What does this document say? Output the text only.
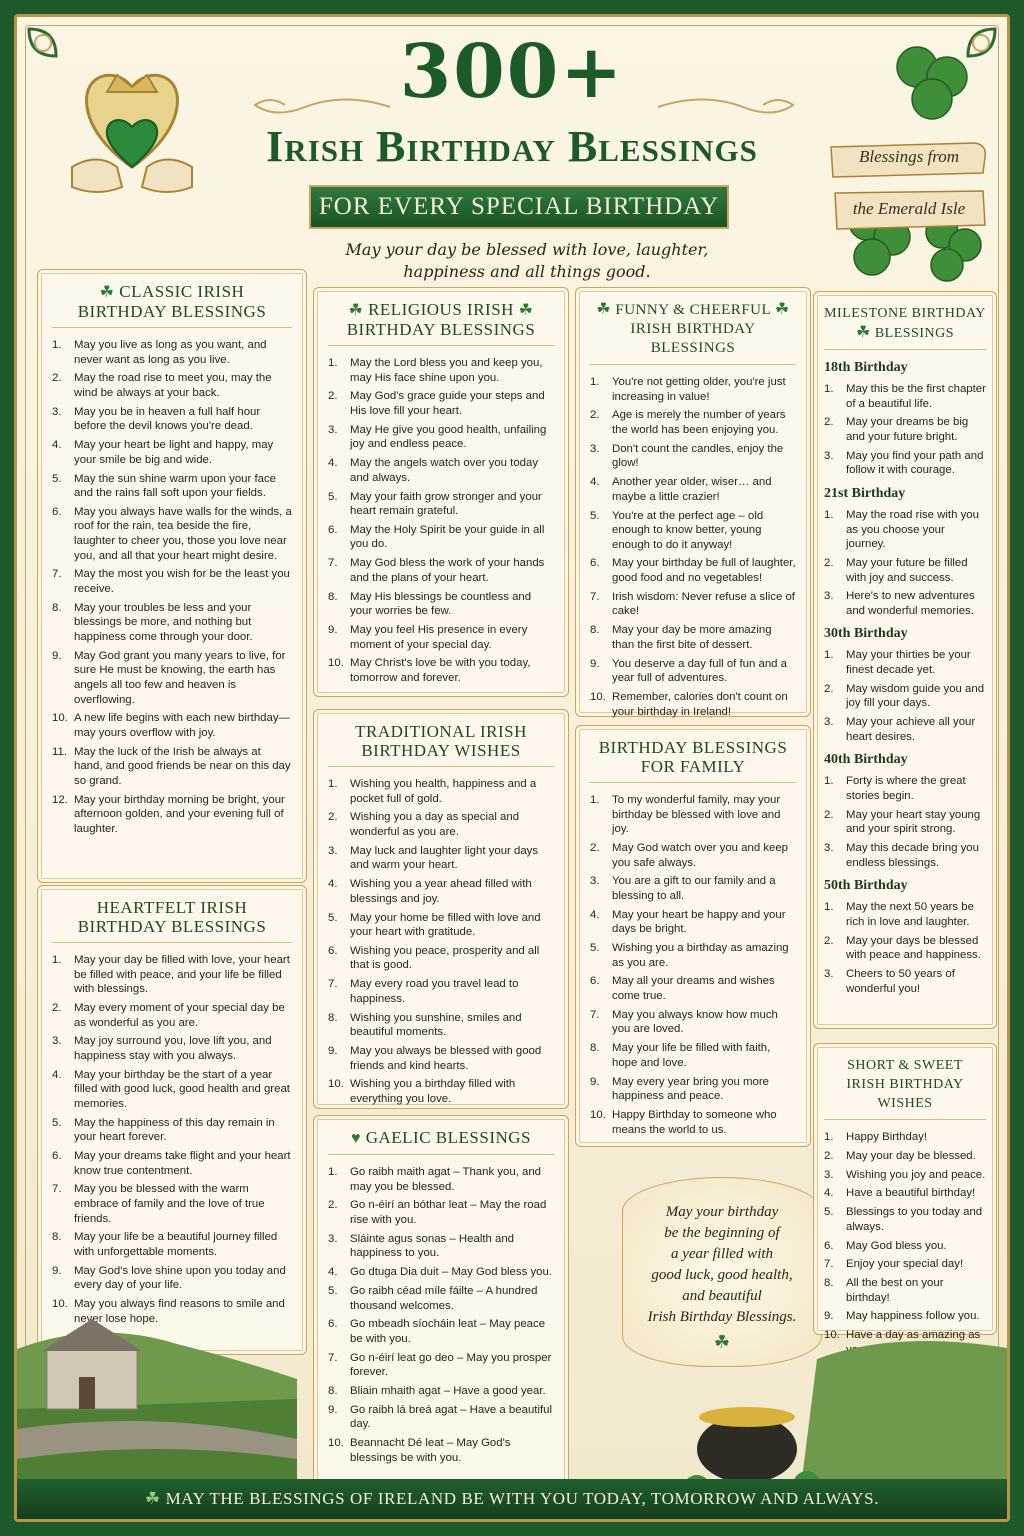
300+
Irish Birthday Blessings
FOR EVERY SPECIAL BIRTHDAY
May your day be blessed with love, laughter,
happiness and all things good.
Blessings from
the Emerald Isle
☘ CLASSIC IRISH
BIRTHDAY BLESSINGS
1.	May you live as long as you want, and never want as long as you live.
2.	May the road rise to meet you, may the wind be always at your back.
3.	May you be in heaven a full half hour before the devil knows you're dead.
4.	May your heart be light and happy, may your smile be big and wide.
5.	May the sun shine warm upon your face and the rains fall soft upon your fields.
6.	May you always have walls for the winds, a roof for the rain, tea beside the fire, laughter to cheer you, those you love near you, and all that your heart might desire.
7.	May the most you wish for be the least you receive.
8.	May your troubles be less and your blessings be more, and nothing but happiness come through your door.
9.	May God grant you many years to live, for sure He must be knowing, the earth has angels all too few and heaven is overflowing.
10. A new life begins with each new birthday—may yours overflow with joy.
11. May the luck of the Irish be always at hand, and good friends be near on this day so grand.
12. May your birthday morning be bright, your afternoon golden, and your evening full of laughter.
HEARTFELT IRISH
BIRTHDAY BLESSINGS
1.	May your day be filled with love, your heart be filled with peace, and your life be filled with blessings.
2.	May every moment of your special day be as wonderful as you are.
3.	May joy surround you, love lift you, and happiness stay with you always.
4.	May your birthday be the start of a year filled with good luck, good health and great memories.
5.	May the happiness of this day remain in your heart forever.
6.	May your dreams take flight and your heart know true contentment.
7.	May you be blessed with the warm embrace of family and the love of true friends.
8.	May your life be a beautiful journey filled with unforgettable moments.
9.	May God's love shine upon you today and every day of your life.
10. May you always find reasons to smile and never lose hope.
☘ RELIGIOUS IRISH ☘
BIRTHDAY BLESSINGS
1.	May the Lord bless you and keep you, may His face shine upon you.
2.	May God's grace guide your steps and His love fill your heart.
3.	May He give you good health, unfailing joy and endless peace.
4.	May the angels watch over you today and always.
5.	May your faith grow stronger and your heart remain grateful.
6.	May the Holy Spirit be your guide in all you do.
7.	May God bless the work of your hands and the plans of your heart.
8.	May His blessings be countless and your worries be few.
9.	May you feel His presence in every moment of your special day.
10. May Christ's love be with you today, tomorrow and forever.
TRADITIONAL IRISH
BIRTHDAY WISHES
1.	Wishing you health, happiness and a pocket full of gold.
2.	Wishing you a day as special and wonderful as you are.
3.	May luck and laughter light your days and warm your heart.
4.	Wishing you a year ahead filled with blessings and joy.
5.	May your home be filled with love and your heart with gratitude.
6.	Wishing you peace, prosperity and all that is good.
7.	May every road you travel lead to happiness.
8.	Wishing you sunshine, smiles and beautiful moments.
9.	May you always be blessed with good friends and kind hearts.
10. Wishing you a birthday filled with everything you love.
♥ GAELIC BLESSINGS
1.	Go raibh maith agat – Thank you, and may you be blessed.
2.	Go n-éirí an bóthar leat – May the road rise with you.
3.	Sláinte agus sonas – Health and happiness to you.
4.	Go dtuga Dia duit – May God bless you.
5.	Go raibh céad míle fáilte – A hundred thousand welcomes.
6.	Go mbeadh síocháin leat – May peace be with you.
7.	Go n-éirí leat go deo – May you prosper forever.
8.	Bliain mhaith agat – Have a good year.
9.	Go raibh lá breá agat – Have a beautiful day.
10. Beannacht Dé leat – May God's blessings be with you.
☘ FUNNY & CHEERFUL ☘
IRISH BIRTHDAY BLESSINGS
1.	You're not getting older, you're just increasing in value!
2.	Age is merely the number of years the world has been enjoying you.
3.	Don't count the candles, enjoy the glow!
4.	Another year older, wiser… and maybe a little crazier!
5.	You're at the perfect age – old enough to know better, young enough to do it anyway!
6.	May your birthday be full of laughter, good food and no vegetables!
7.	Irish wisdom: Never refuse a slice of cake!
8.	May your day be more amazing than the first bite of dessert.
9.	You deserve a day full of fun and a year full of adventures.
10. Remember, calories don't count on your birthday in Ireland!
BIRTHDAY BLESSINGS
FOR FAMILY
1.	To my wonderful family, may your birthday be blessed with love and joy.
2.	May God watch over you and keep you safe always.
3.	You are a gift to our family and a blessing to all.
4.	May your heart be happy and your days be bright.
5.	Wishing you a birthday as amazing as you are.
6.	May all your dreams and wishes come true.
7.	May you always know how much you are loved.
8.	May your life be filled with faith, hope and love.
9.	May every year bring you more happiness and peace.
10. Happy Birthday to someone who means the world to us.
May your birthday
be the beginning of
a year filled with
good luck, good health,
and beautiful
Irish Birthday Blessings.
☘
MILESTONE BIRTHDAY
☘ BLESSINGS
18th Birthday
1.	May this be the first chapter of a beautiful life.
2.	May your dreams be big and your future bright.
3.	May you find your path and follow it with courage.
21st Birthday
1.	May the road rise with you as you choose your journey.
2.	May your future be filled with joy and success.
3.	Here's to new adventures and wonderful memories.
30th Birthday
1.	May your thirties be your finest decade yet.
2.	May wisdom guide you and joy fill your days.
3.	May your achieve all your heart desires.
40th Birthday
1.	Forty is where the great stories begin.
2.	May your heart stay young and your spirit strong.
3.	May this decade bring you endless blessings.
50th Birthday
1.	May the next 50 years be rich in love and laughter.
2.	May your days be blessed with peace and happiness.
3.	Cheers to 50 years of wonderful you!
SHORT & SWEET
IRISH BIRTHDAY WISHES
1.	Happy Birthday!
2.	May your day be blessed.
3.	Wishing you joy and peace.
4.	Have a beautiful birthday!
5.	Blessings to you today and always.
6.	May God bless you.
7.	Enjoy your special day!
8.	All the best on your birthday!
9.	May happiness follow you.
10. Have a day as amazing as
☘ MAY THE BLESSINGS OF IRELAND BE WITH YOU TODAY, TOMORROW AND ALWAYS.
